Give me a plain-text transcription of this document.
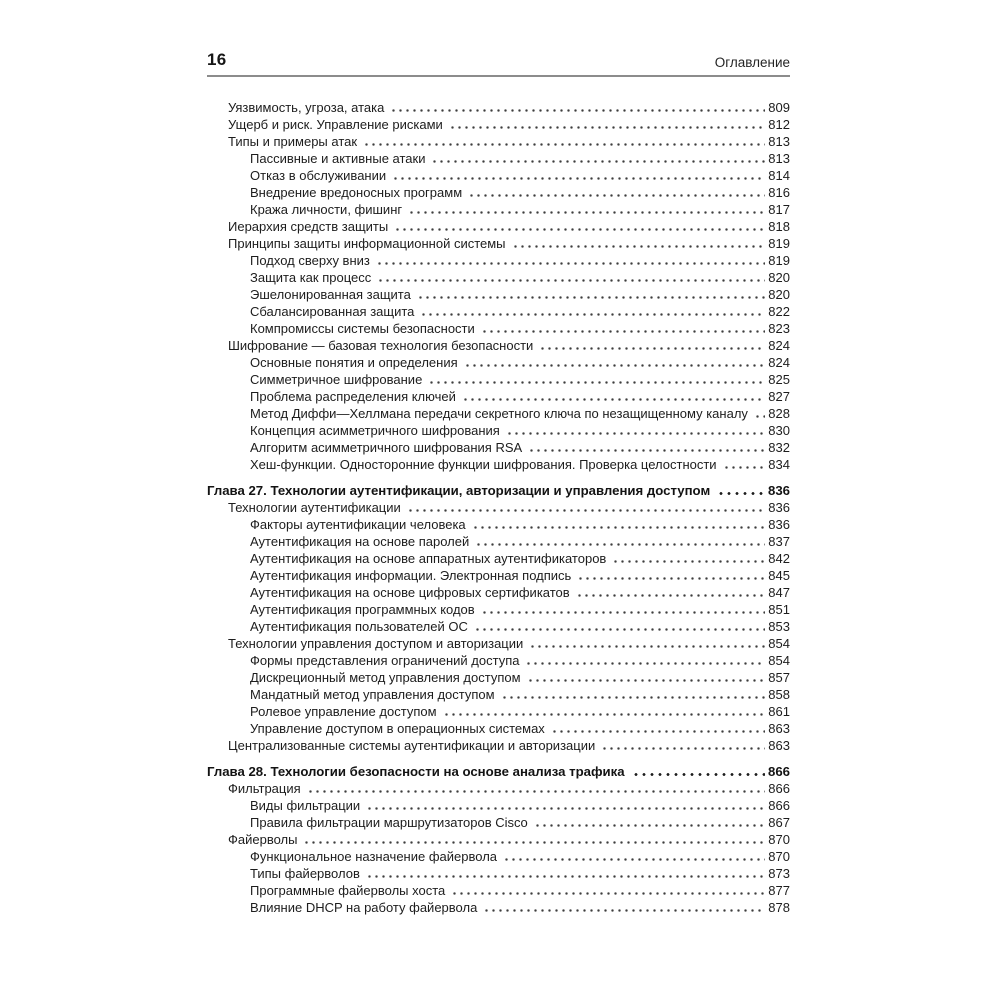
16	Оглавление
Уязвимость, угроза, атака	809
Ущерб и риск. Управление рисками	812
Типы и примеры атак	813
Пассивные и активные атаки	813
Отказ в обслуживании	814
Внедрение вредоносных программ	816
Кража личности, фишинг	817
Иерархия средств защиты	818
Принципы защиты информационной системы	819
Подход сверху вниз	819
Защита как процесс	820
Эшелонированная защита	820
Сбалансированная защита	822
Компромиссы системы безопасности	823
Шифрование — базовая технология безопасности	824
Основные понятия и определения	824
Симметричное шифрование	825
Проблема распределения ключей	827
Метод Диффи—Хеллмана передачи секретного ключа по незащищенному каналу 828
Концепция асимметричного шифрования	830
Алгоритм асимметричного шифрования RSA	832
Хеш-функции. Односторонние функции шифрования. Проверка целостности	834
Глава 27. Технологии аутентификации, авторизации и управления доступом	836
Технологии аутентификации	836
Факторы аутентификации человека	836
Аутентификация на основе паролей	837
Аутентификация на основе аппаратных аутентификаторов	842
Аутентификация информации. Электронная подпись	845
Аутентификация на основе цифровых сертификатов	847
Аутентификация программных кодов	851
Аутентификация пользователей ОС	853
Технологии управления доступом и авторизации	854
Формы представления ограничений доступа	854
Дискреционный метод управления доступом	857
Мандатный метод управления доступом	858
Ролевое управление доступом	861
Управление доступом в операционных системах	863
Централизованные системы аутентификации и авторизации	863
Глава 28. Технологии безопасности на основе анализа трафика	866
Фильтрация	866
Виды фильтрации	866
Правила фильтрации маршрутизаторов Cisco	867
Файерволы	870
Функциональное назначение файервола	870
Типы файерволов	873
Программные файерволы хоста	877
Влияние DHCP на работу файервола	878
